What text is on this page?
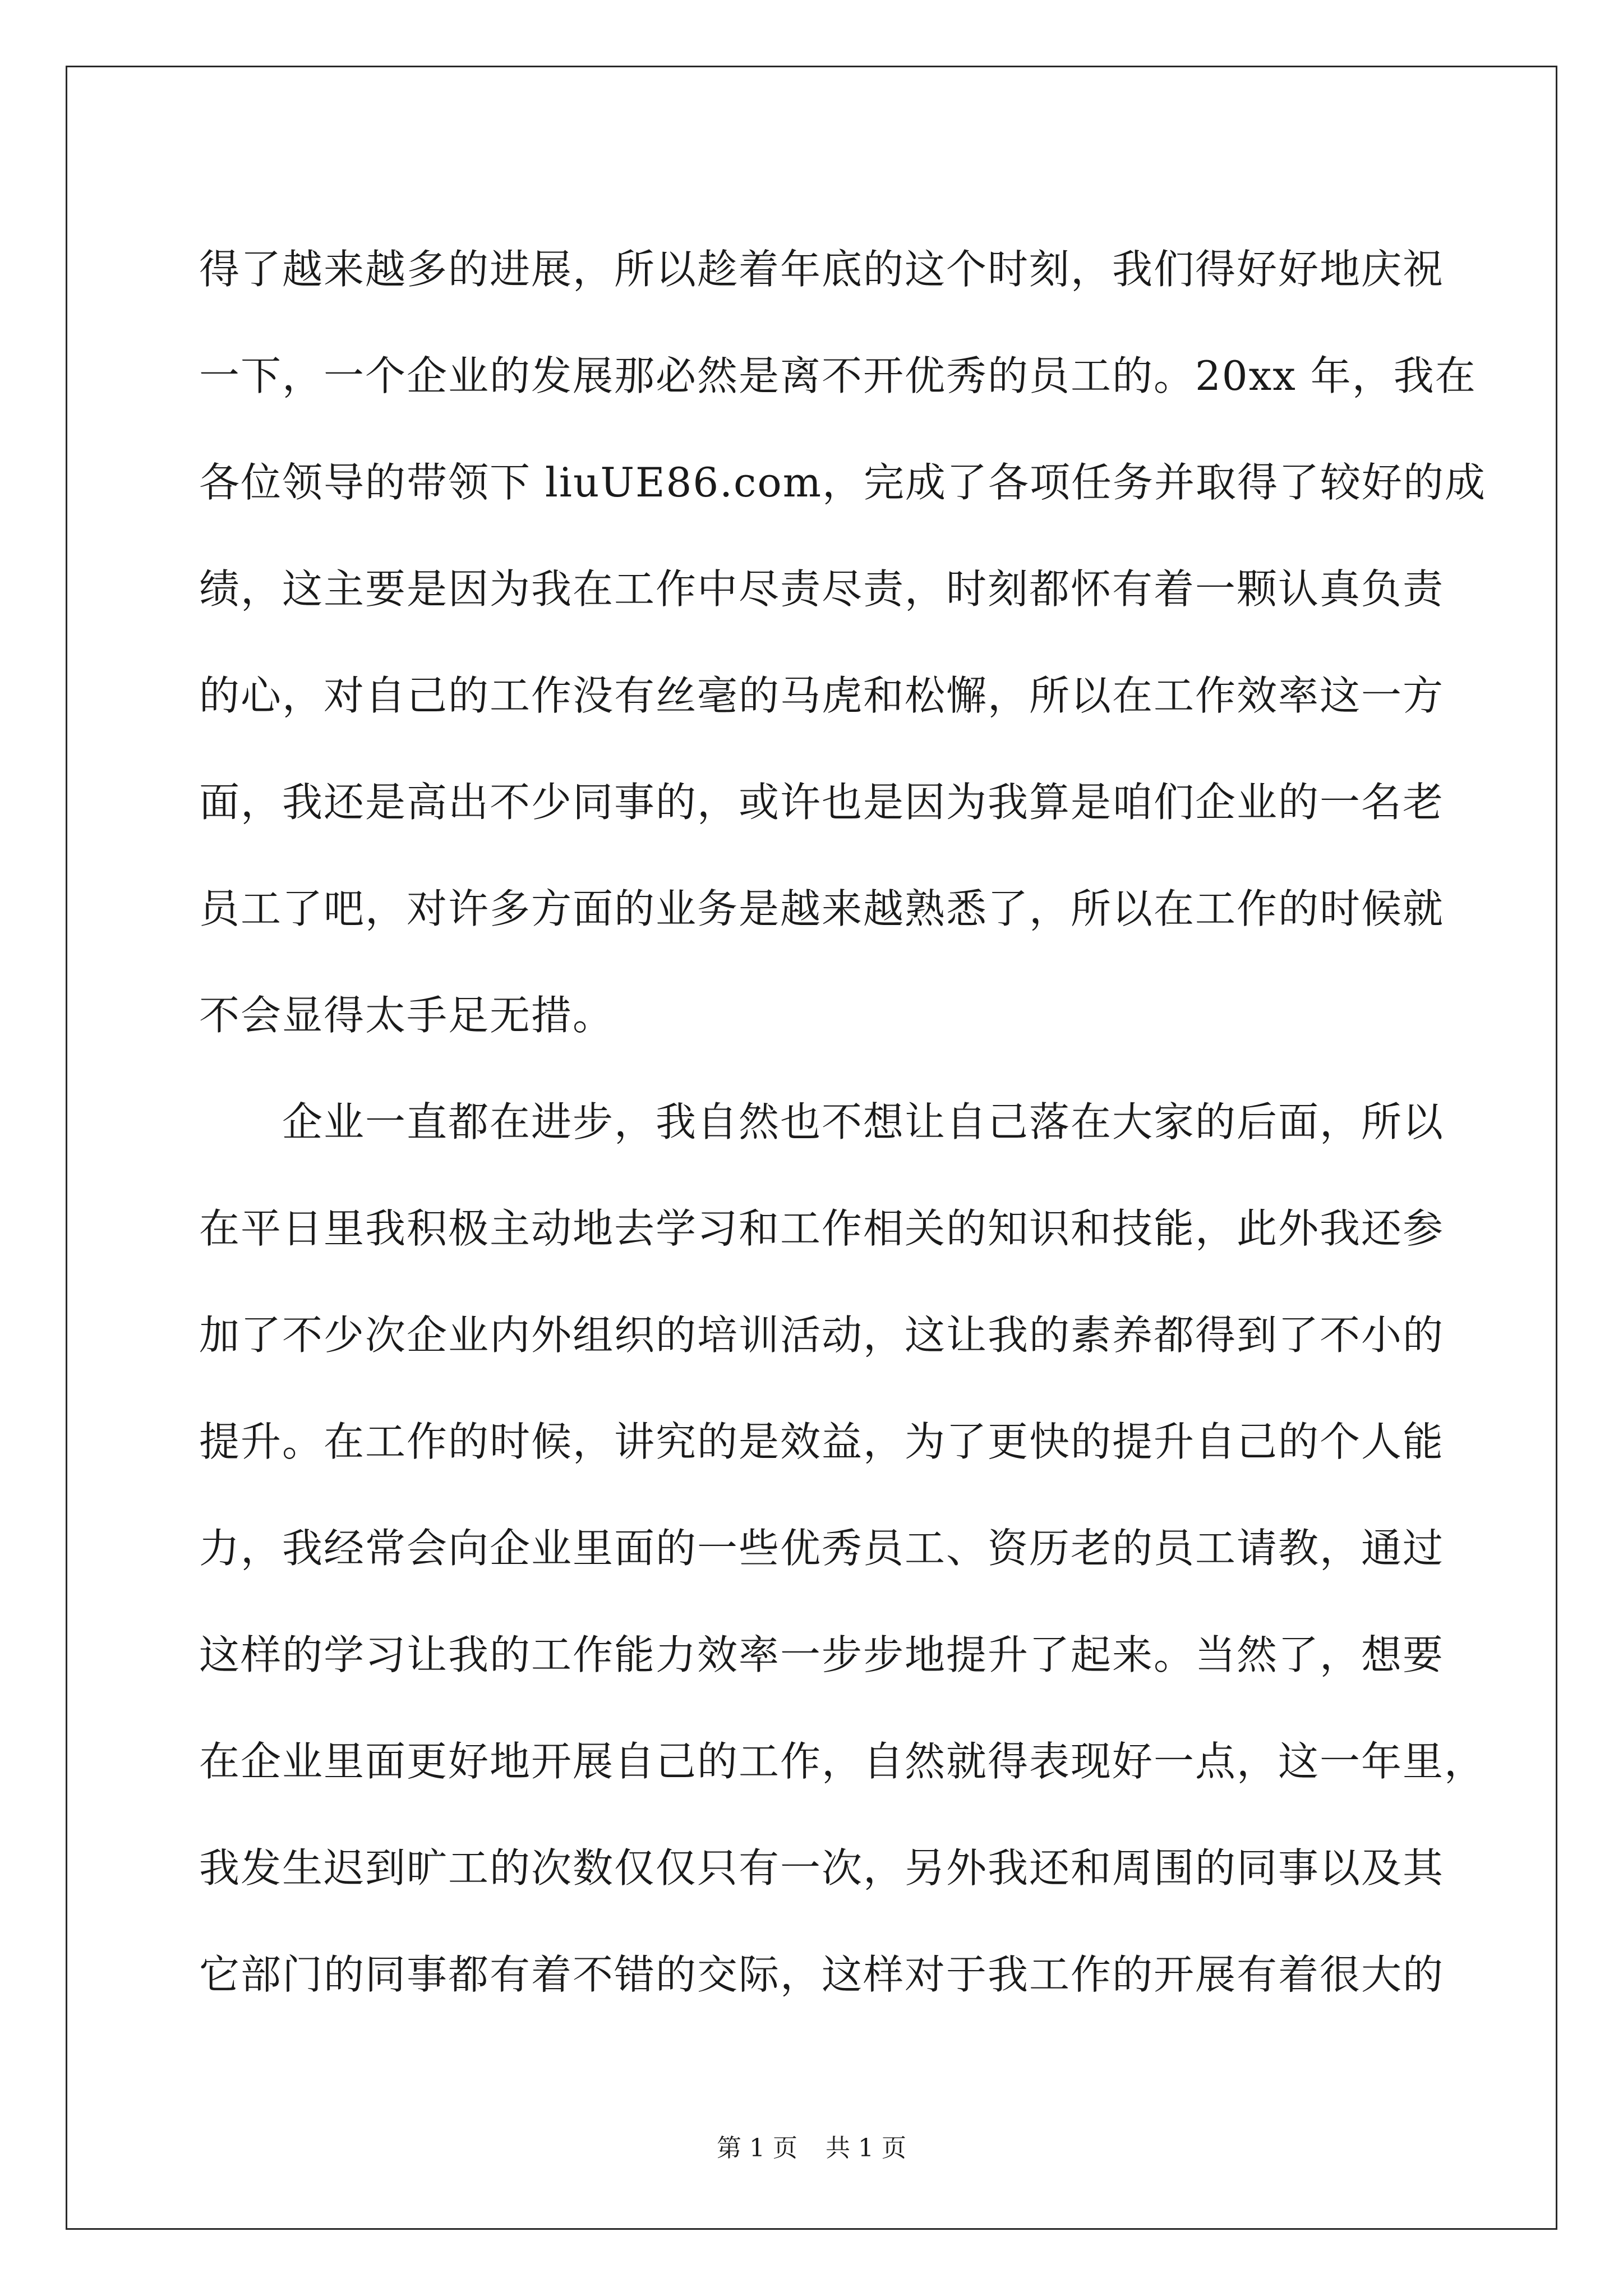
得了越来越多的进展，所以趁着年底的这个时刻，我们得好好地庆祝
一下，一个企业的发展那必然是离不开优秀的员工的。20xx 年，我在
各位领导的带领下 liuUE86.com，完成了各项任务并取得了较好的成
绩，这主要是因为我在工作中尽责尽责，时刻都怀有着一颗认真负责
的心，对自己的工作没有丝毫的马虎和松懈，所以在工作效率这一方
面，我还是高出不少同事的，或许也是因为我算是咱们企业的一名老
员工了吧，对许多方面的业务是越来越熟悉了，所以在工作的时候就
不会显得太手足无措。
企业一直都在进步，我自然也不想让自己落在大家的后面，所以
在平日里我积极主动地去学习和工作相关的知识和技能，此外我还参
加了不少次企业内外组织的培训活动，这让我的素养都得到了不小的
提升。在工作的时候，讲究的是效益，为了更快的提升自己的个人能
力，我经常会向企业里面的一些优秀员工、资历老的员工请教，通过
这样的学习让我的工作能力效率一步步地提升了起来。当然了，想要
在企业里面更好地开展自己的工作，自然就得表现好一点，这一年里，
我发生迟到旷工的次数仅仅只有一次，另外我还和周围的同事以及其
它部门的同事都有着不错的交际，这样对于我工作的开展有着很大的
第 1 页 共 1 页
